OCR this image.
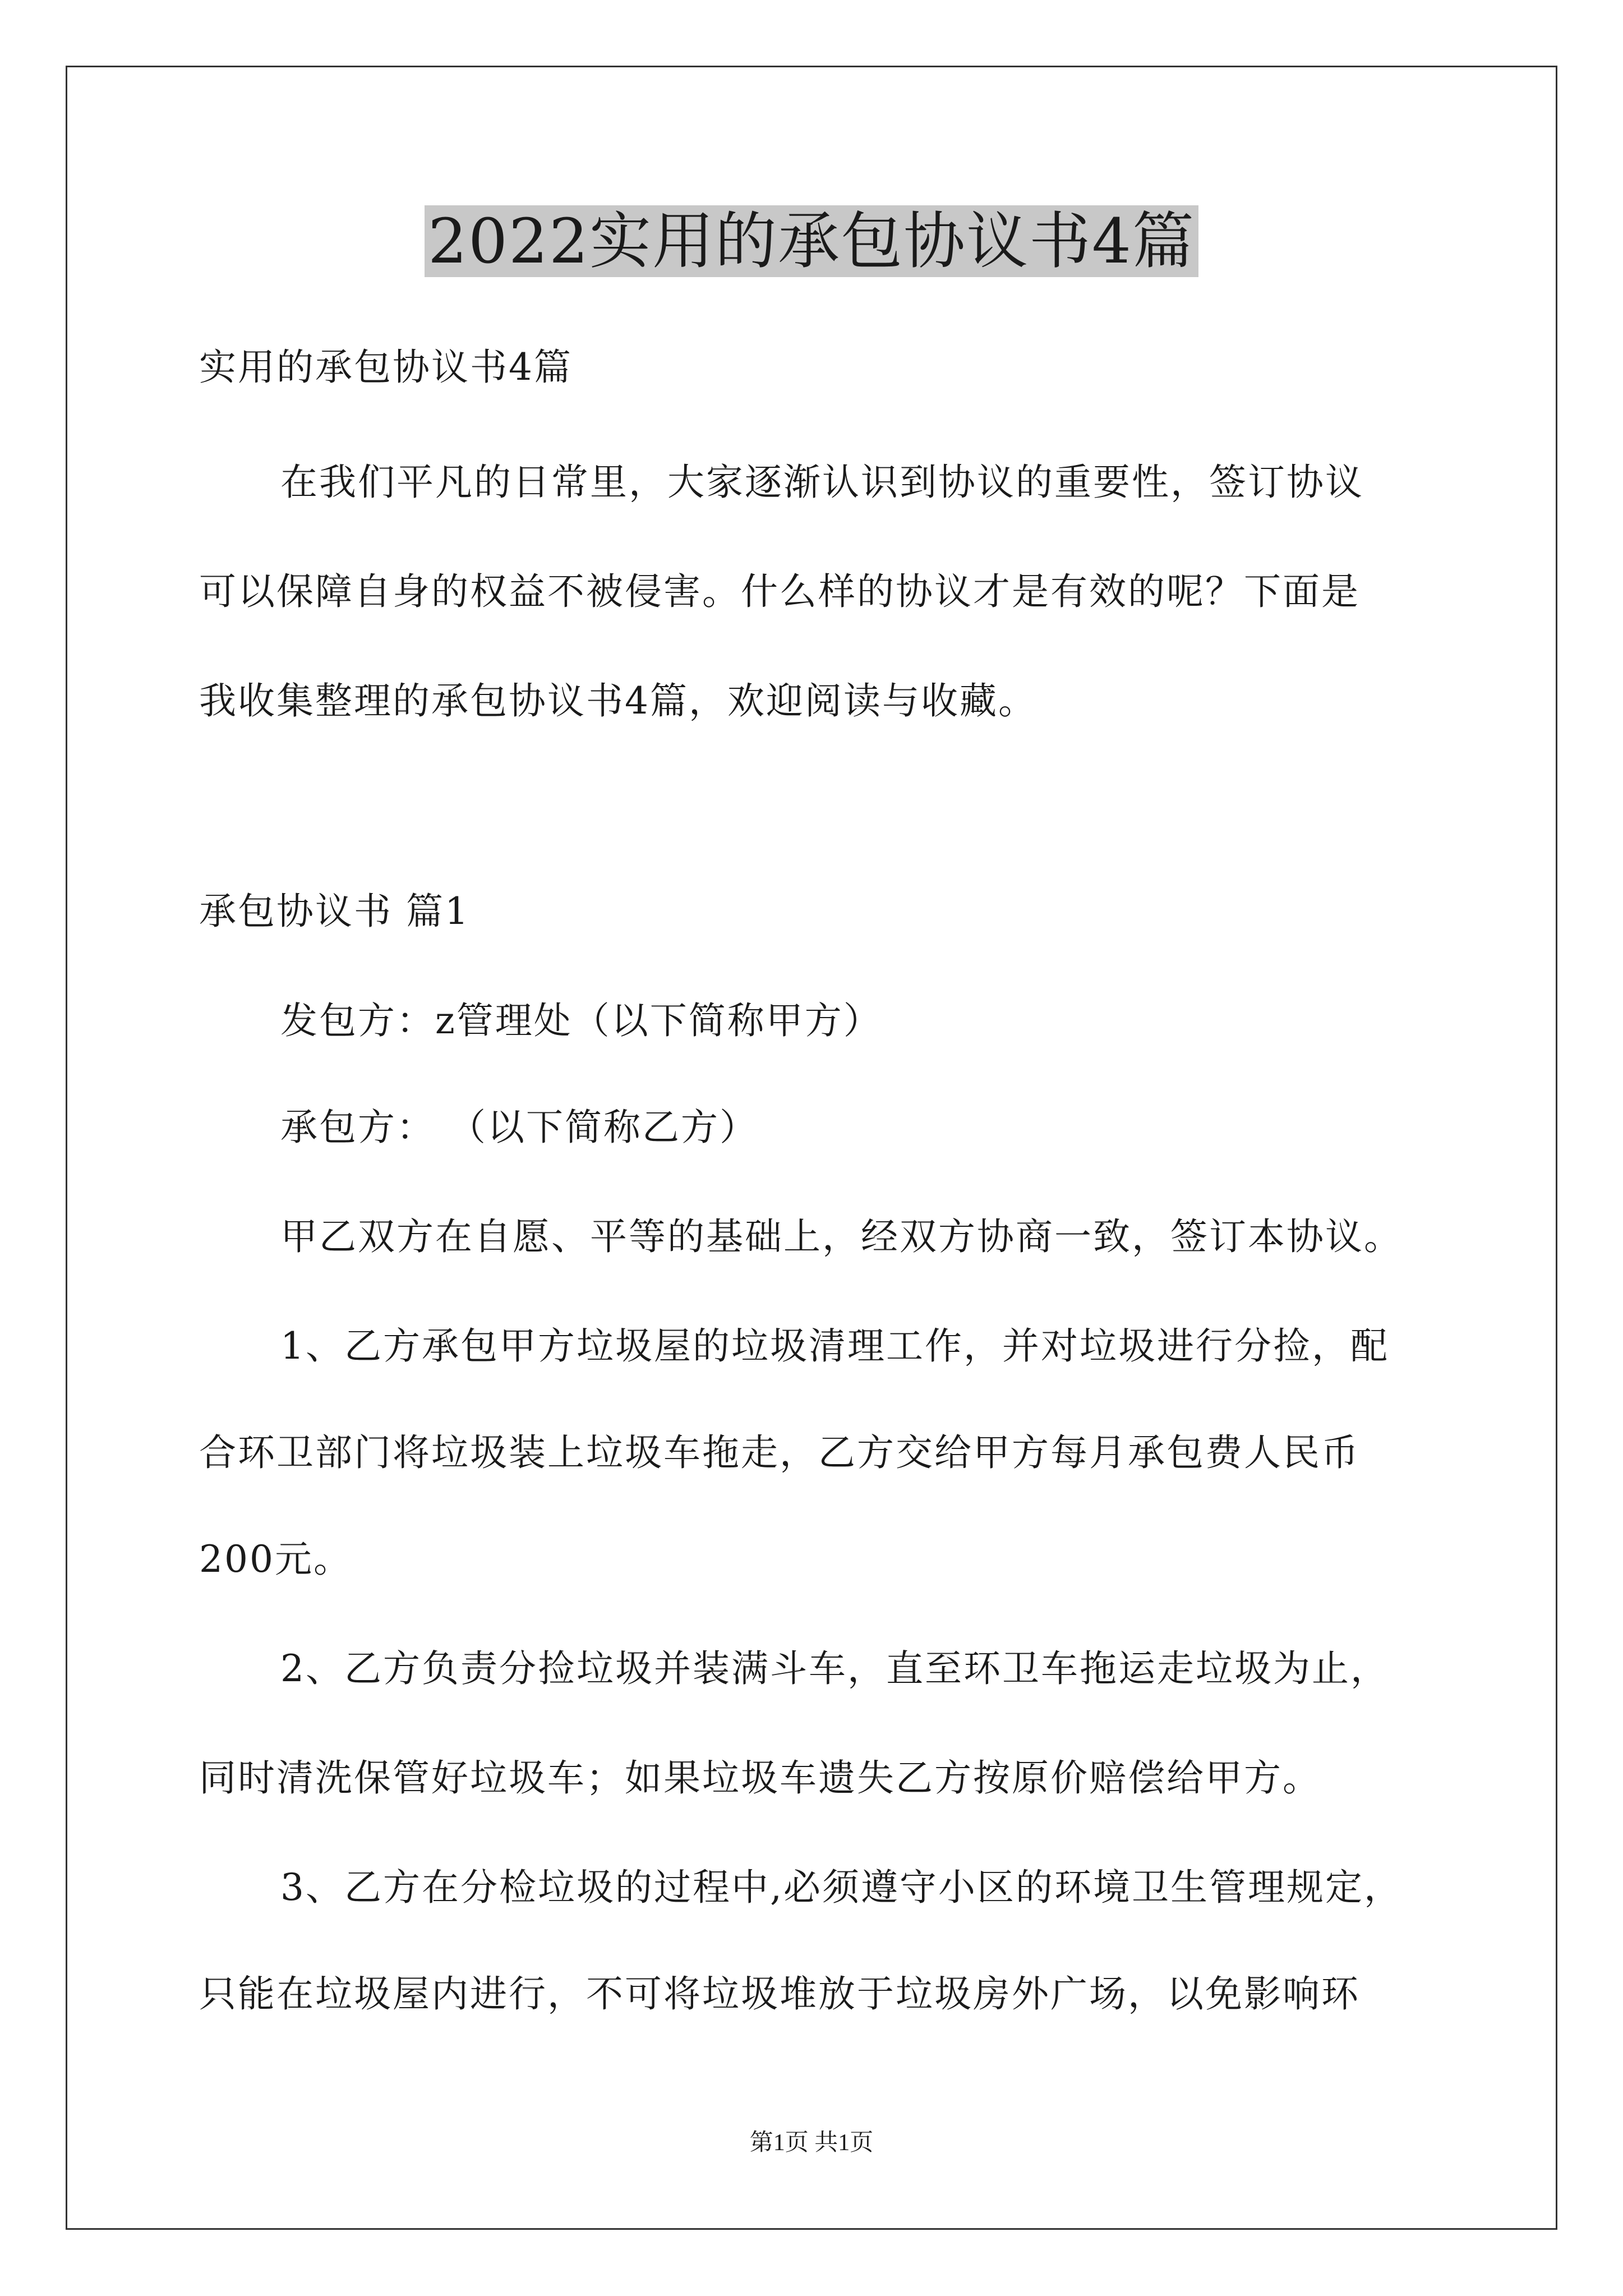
2022实用的承包协议书4篇
实用的承包协议书4篇
在我们平凡的日常里，大家逐渐认识到协议的重要性，签订协议
可以保障自身的权益不被侵害。什么样的协议才是有效的呢？下面是
我收集整理的承包协议书4篇，欢迎阅读与收藏。
承包协议书 篇1
发包方：z管理处（以下简称甲方）
承包方： （以下简称乙方）
甲乙双方在自愿、平等的基础上，经双方协商一致，签订本协议。
1、乙方承包甲方垃圾屋的垃圾清理工作，并对垃圾进行分捡，配
合环卫部门将垃圾装上垃圾车拖走，乙方交给甲方每月承包费人民币
200元。
2、乙方负责分捡垃圾并装满斗车，直至环卫车拖运走垃圾为止，
同时清洗保管好垃圾车；如果垃圾车遗失乙方按原价赔偿给甲方。
3、乙方在分检垃圾的过程中,必须遵守小区的环境卫生管理规定，
只能在垃圾屋内进行，不可将垃圾堆放于垃圾房外广场，以免影响环
第1页 共1页
